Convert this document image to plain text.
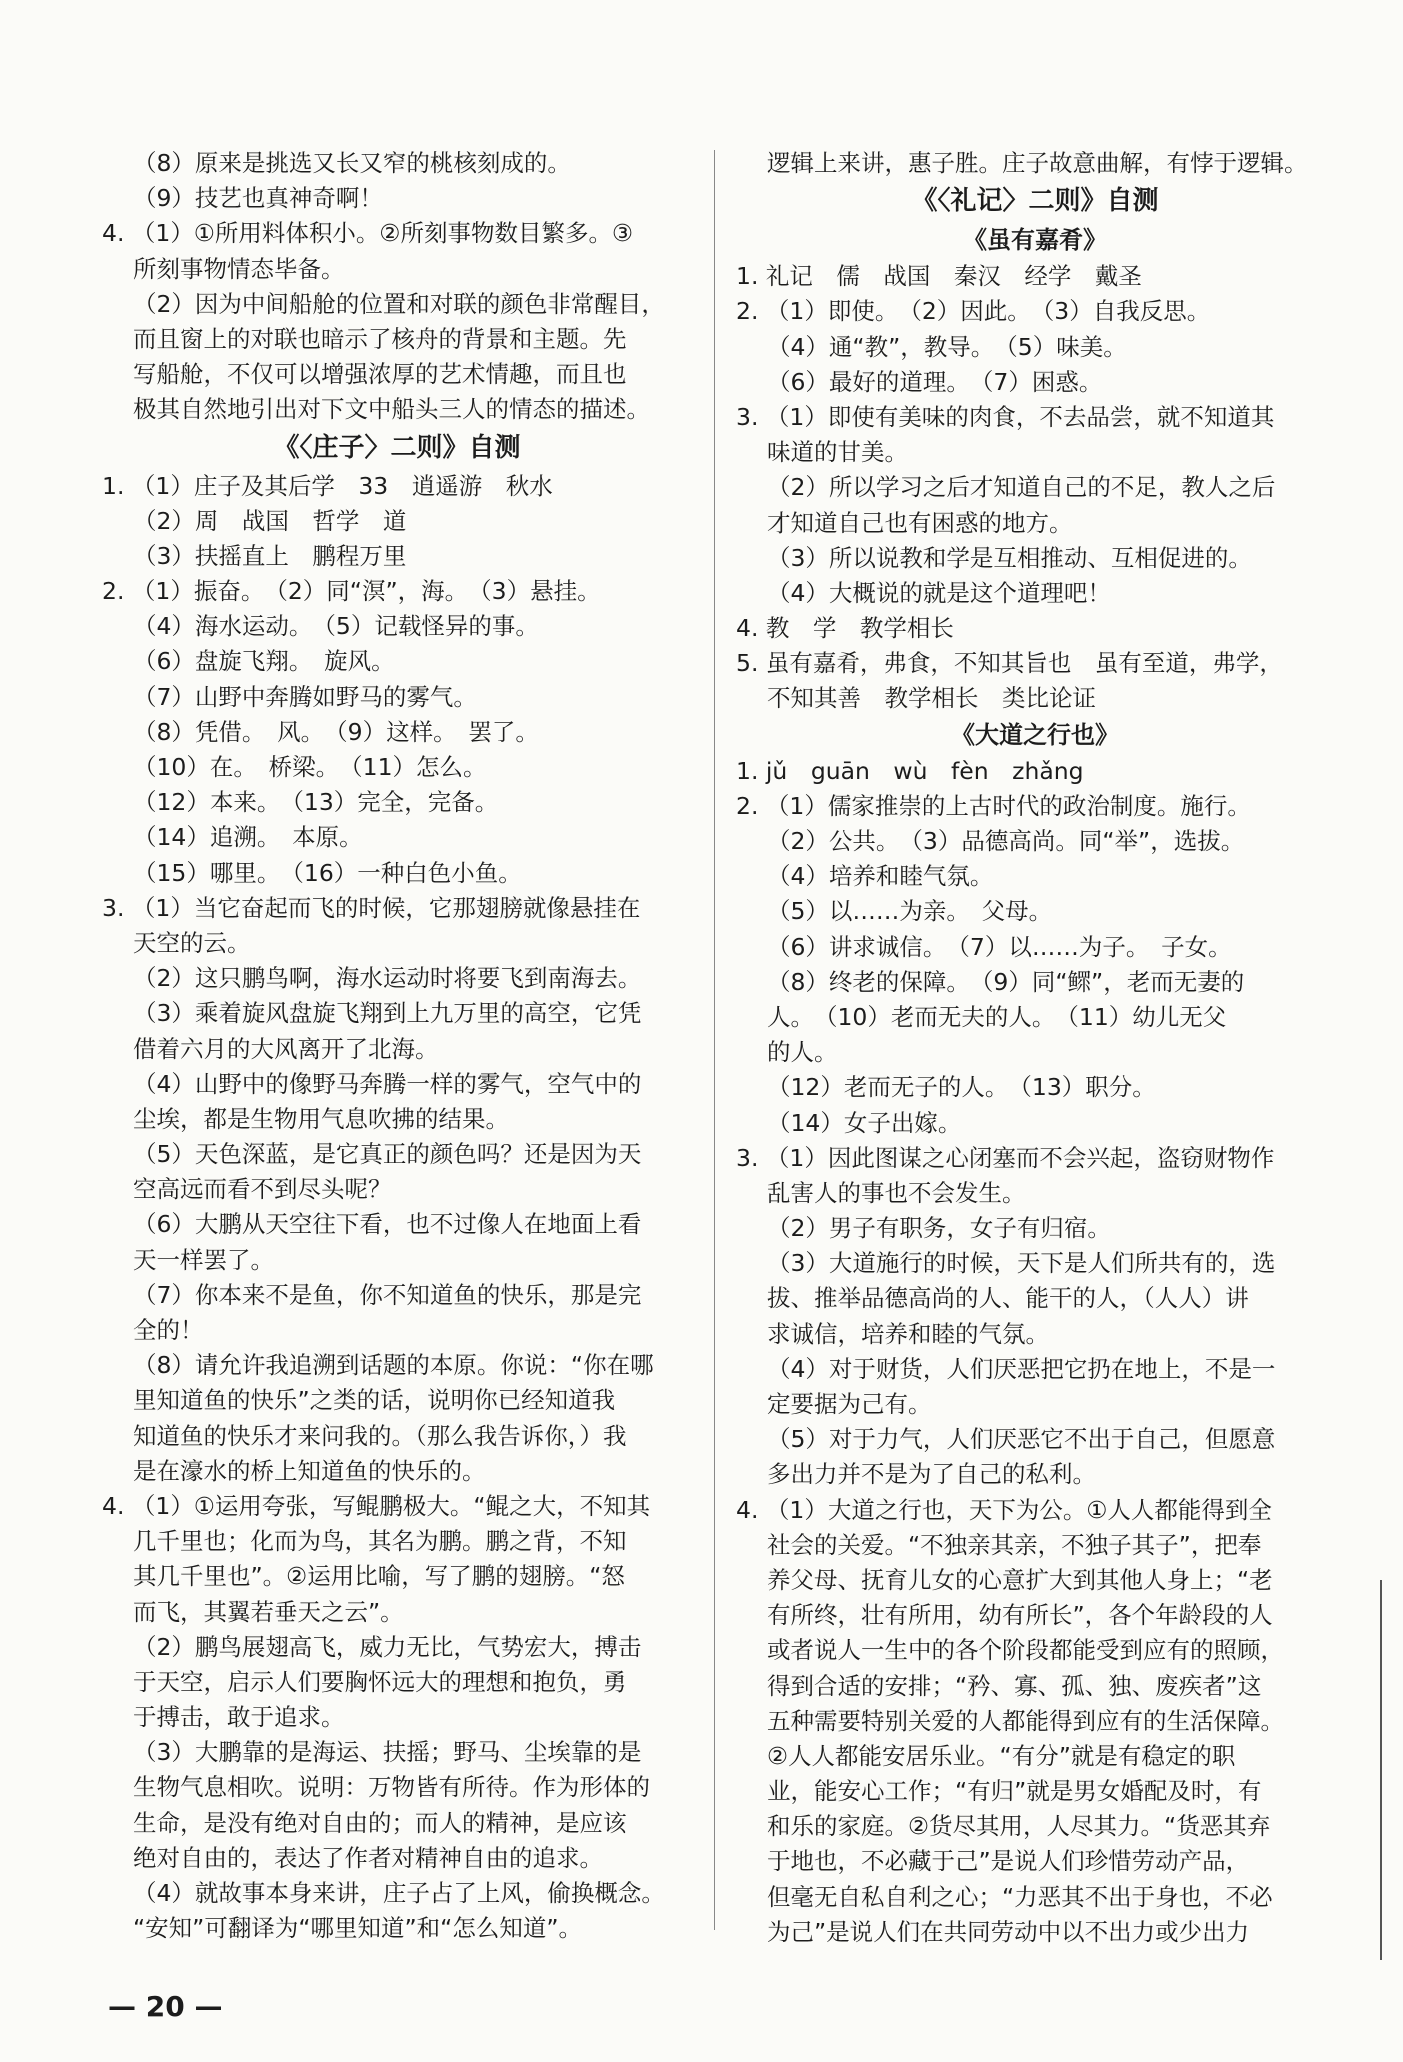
　 （8）原来是挑选又长又窄的桃核刻成的。
　 （9）技艺也真神奇啊！
4. （1）①所用料体积小。②所刻事物数目繁多。③
　 所刻事物情态毕备。
　 （2）因为中间船舱的位置和对联的颜色非常醒目，
　 而且窗上的对联也暗示了核舟的背景和主题。先
　 写船舱，不仅可以增强浓厚的艺术情趣，而且也
　 极其自然地引出对下文中船头三人的情态的描述。
《〈庄子〉二则》自测
1. （1）庄子及其后学　33　逍遥游　秋水
　 （2）周　战国　哲学　道
　 （3）扶摇直上　鹏程万里
2. （1）振奋。　（2）同“溟”，海。　（3）悬挂。
　 （4）海水运动。　（5）记载怪异的事。
　 （6）盘旋飞翔。　旋风。
　 （7）山野中奔腾如野马的雾气。
　 （8）凭借。　风。　（9）这样。　罢了。
　 （10）在。　桥梁。　（11）怎么。
　 （12）本来。　（13）完全，完备。
　 （14）追溯。　本原。
　 （15）哪里。　（16）一种白色小鱼。
3. （1）当它奋起而飞的时候，它那翅膀就像悬挂在
　 天空的云。
　 （2）这只鹏鸟啊，海水运动时将要飞到南海去。
　 （3）乘着旋风盘旋飞翔到上九万里的高空，它凭
　 借着六月的大风离开了北海。
　 （4）山野中的像野马奔腾一样的雾气，空气中的
　 尘埃，都是生物用气息吹拂的结果。
　 （5）天色深蓝，是它真正的颜色吗？还是因为天
　 空高远而看不到尽头呢？
　 （6）大鹏从天空往下看，也不过像人在地面上看
　 天一样罢了。
　 （7）你本来不是鱼，你不知道鱼的快乐，那是完
　 全的！
　 （8）请允许我追溯到话题的本原。你说：“你在哪
　 里知道鱼的快乐”之类的话，说明你已经知道我
　 知道鱼的快乐才来问我的。（那么我告诉你，）我
　 是在濠水的桥上知道鱼的快乐的。
4. （1）①运用夸张，写鲲鹏极大。“鲲之大，不知其
　 几千里也；化而为鸟，其名为鹏。鹏之背，不知
　 其几千里也”。②运用比喻，写了鹏的翅膀。“怒
　 而飞，其翼若垂天之云”。
　 （2）鹏鸟展翅高飞，威力无比，气势宏大，搏击
　 于天空，启示人们要胸怀远大的理想和抱负，勇
　 于搏击，敢于追求。
　 （3）大鹏靠的是海运、扶摇；野马、尘埃靠的是
　 生物气息相吹。说明：万物皆有所待。作为形体的
　 生命，是没有绝对自由的；而人的精神，是应该
　 绝对自由的，表达了作者对精神自由的追求。
　 （4）就故事本身来讲，庄子占了上风，偷换概念。
　 “安知”可翻译为“哪里知道”和“怎么知道”。
　 逻辑上来讲，惠子胜。庄子故意曲解，有悖于逻辑。
《〈礼记〉二则》自测
《虽有嘉肴》
1. 礼记　儒　战国　秦汉　经学　戴圣
2. （1）即使。　（2）因此。　（3）自我反思。
　 （4）通“教”，教导。　（5）味美。
　 （6）最好的道理。　（7）困惑。
3. （1）即使有美味的肉食，不去品尝，就不知道其
　 味道的甘美。
　 （2）所以学习之后才知道自己的不足，教人之后
　 才知道自己也有困惑的地方。
　 （3）所以说教和学是互相推动、互相促进的。
　 （4）大概说的就是这个道理吧！
4. 教　学　教学相长
5. 虽有嘉肴，弗食，不知其旨也　虽有至道，弗学，
　 不知其善　教学相长　类比论证
《大道之行也》
1. jǔ　guān　wù　fèn　zhǎng
2. （1）儒家推崇的上古时代的政治制度。施行。
　 （2）公共。　（3）品德高尚。同“举”，选拔。
　 （4）培养和睦气氛。
　 （5）以……为亲。　父母。
　 （6）讲求诚信。　（7）以……为子。　子女。
　 （8）终老的保障。　（9）同“鳏”，老而无妻的
　 人。　（10）老而无夫的人。　（11）幼儿无父
　 的人。
　 （12）老而无子的人。　（13）职分。
　 （14）女子出嫁。
3. （1）因此图谋之心闭塞而不会兴起，盗窃财物作
　 乱害人的事也不会发生。
　 （2）男子有职务，女子有归宿。
　 （3）大道施行的时候，天下是人们所共有的，选
　 拔、推举品德高尚的人、能干的人，（人人）讲
　 求诚信，培养和睦的气氛。
　 （4）对于财货，人们厌恶把它扔在地上，不是一
　 定要据为己有。
　 （5）对于力气，人们厌恶它不出于自己，但愿意
　 多出力并不是为了自己的私利。
4. （1）大道之行也，天下为公。①人人都能得到全
　 社会的关爱。“不独亲其亲，不独子其子”，把奉
　 养父母、抚育儿女的心意扩大到其他人身上；“老
　 有所终，壮有所用，幼有所长”，各个年龄段的人
　 或者说人一生中的各个阶段都能受到应有的照顾，
　 得到合适的安排；“矜、寡、孤、独、废疾者”这
　 五种需要特别关爱的人都能得到应有的生活保障。
　 ②人人都能安居乐业。“有分”就是有稳定的职
　 业，能安心工作；“有归”就是男女婚配及时，有
　 和乐的家庭。②货尽其用，人尽其力。“货恶其弃
　 于地也，不必藏于己”是说人们珍惜劳动产品，
　 但毫无自私自利之心；“力恶其不出于身也，不必
　 为己”是说人们在共同劳动中以不出力或少出力
— 20 —
